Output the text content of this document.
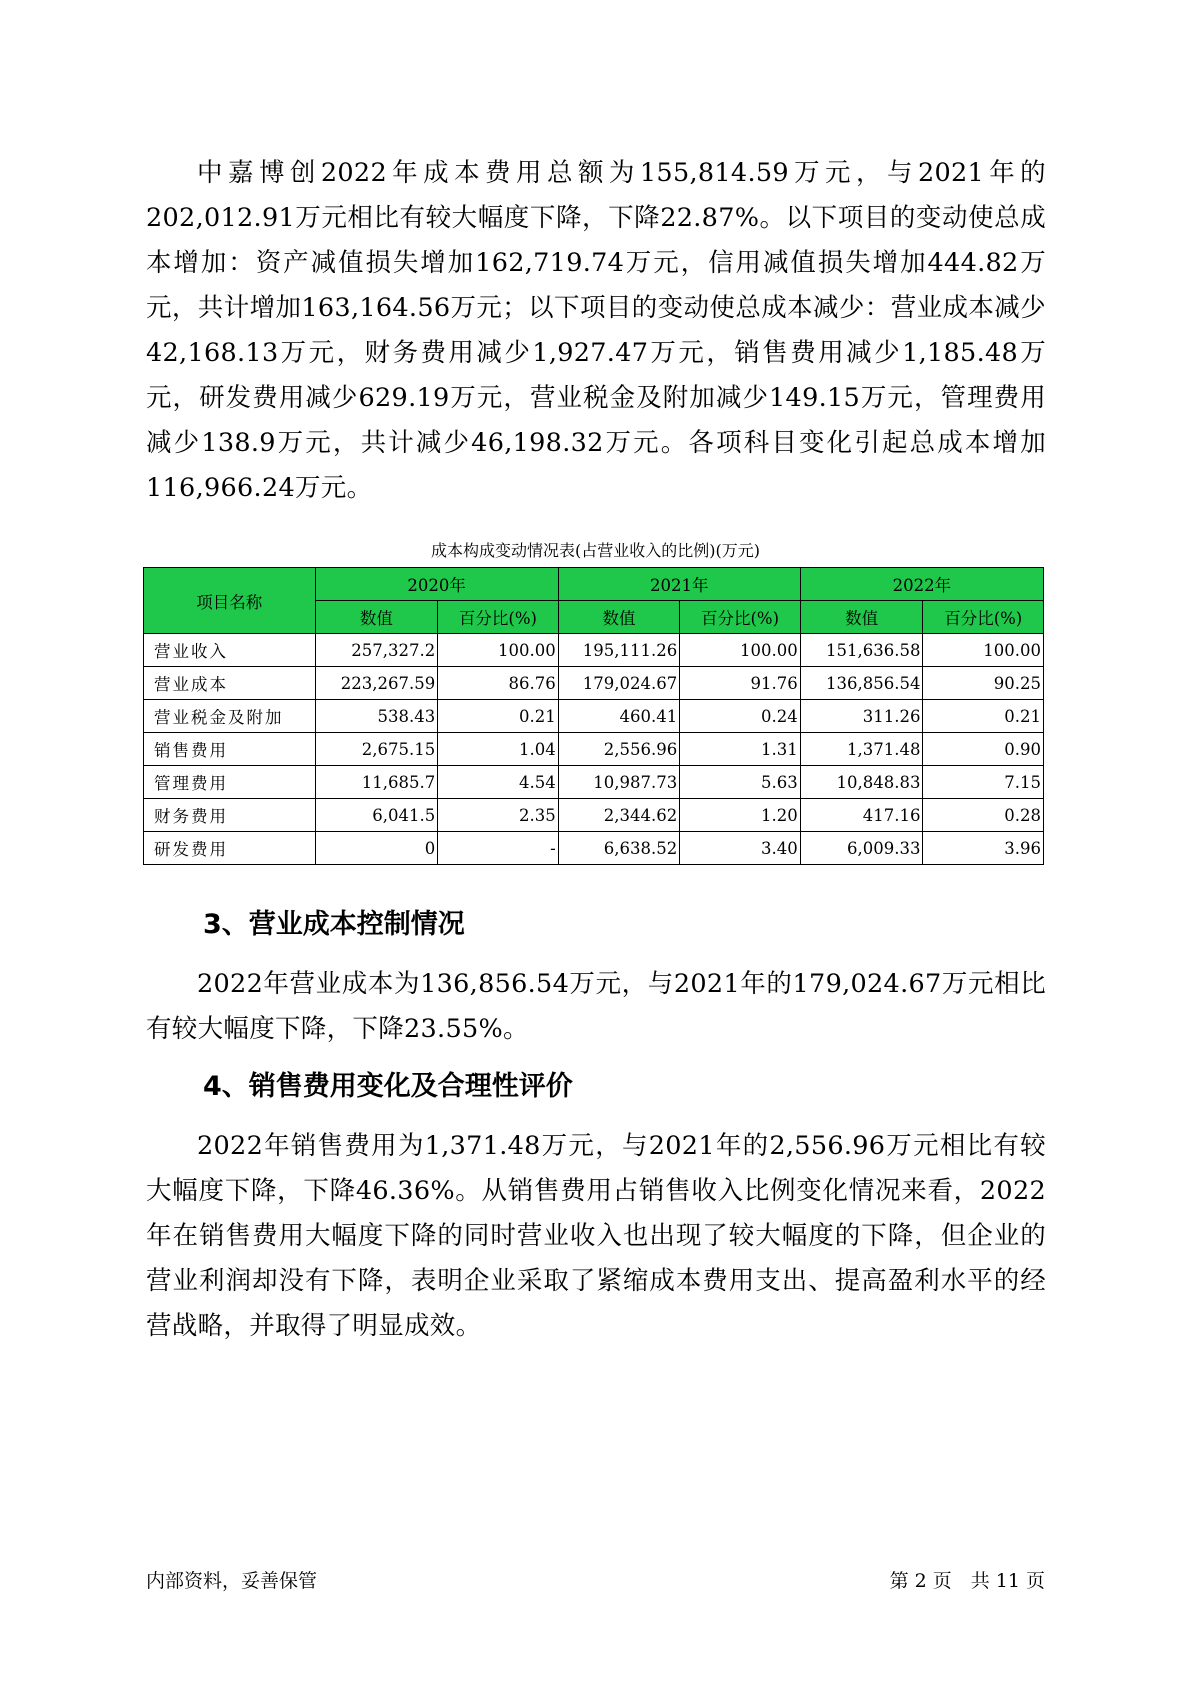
中嘉博创2022年成本费用总额为155,814.59万元，与2021年的202,012.91万元相比有较大幅度下降，下降22.87%。以下项目的变动使总成本增加：资产减值损失增加162,719.74万元，信用减值损失增加444.82万元，共计增加163,164.56万元；以下项目的变动使总成本减少：营业成本减少42,168.13万元，财务费用减少1,927.47万元，销售费用减少1,185.48万元，研发费用减少629.19万元，营业税金及附加减少149.15万元，管理费用减少138.9万元，共计减少46,198.32万元。各项科目变化引起总成本增加116,966.24万元。

成本构成变动情况表(占营业收入的比例)(万元)
项目名称	2020年		2021年		2022年	
	数值	百分比(%)	数值	百分比(%)	数值	百分比(%)
营业收入	257,327.2	100.00	195,111.26	100.00	151,636.58	100.00
营业成本	223,267.59	86.76	179,024.67	91.76	136,856.54	90.25
营业税金及附加	538.43	0.21	460.41	0.24	311.26	0.21
销售费用	2,675.15	1.04	2,556.96	1.31	1,371.48	0.90
管理费用	11,685.7	4.54	10,987.73	5.63	10,848.83	7.15
财务费用	6,041.5	2.35	2,344.62	1.20	417.16	0.28
研发费用	0	-	6,638.52	3.40	6,009.33	3.96
3、营业成本控制情况

2022年营业成本为136,856.54万元，与2021年的179,024.67万元相比有较大幅度下降，下降23.55%。

4、销售费用变化及合理性评价

2022年销售费用为1,371.48万元，与2021年的2,556.96万元相比有较大幅度下降，下降46.36%。从销售费用占销售收入比例变化情况来看，2022年在销售费用大幅度下降的同时营业收入也出现了较大幅度的下降，但企业的营业利润却没有下降，表明企业采取了紧缩成本费用支出、提高盈利水平的经营战略，并取得了明显成效。

内部资料，妥善保管	第 2 页　共 11 页
